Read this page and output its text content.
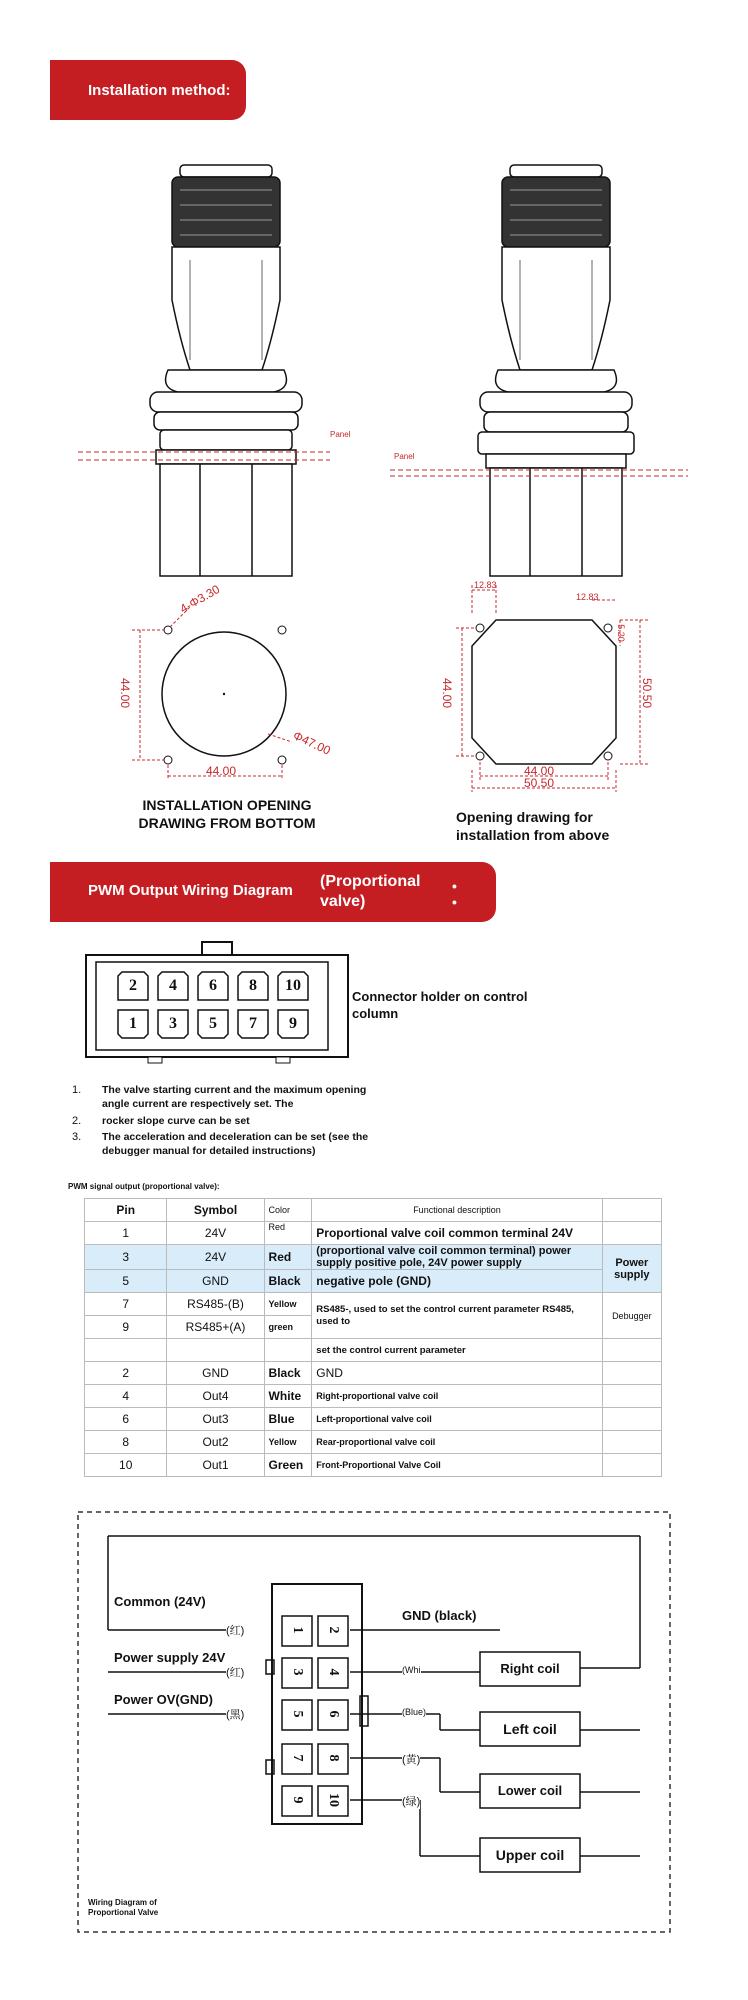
Installation method:
Panel
Panel
4-Φ3.30
44.00
44.00
Φ47.00
12.83
12.83
5.20
44.00	50.50
44.00
50.50
INSTALLATION OPENING DRAWING FROM BOTTOM	Opening drawing for
installation from above
PWM Output Wiring Diagram
(Proportional valve)
•
•
2	4	6	8	10
1	3	5	7	9
Connector holder on control column
1. The valve starting current and the maximum opening angle current are respectively set. The
2. rocker slope curve can be set
3. The acceleration and deceleration can be set (see the debugger manual for detailed instructions)
PWM signal output (proportional valve):
Pin	Symbol	Color	Functional description	
1	24V	Red	Proportional valve coil common terminal 24V	
3	24V	Red	(proportional valve coil common terminal) power supply positive pole, 24V power supply	Power supply
5	GND	Black	negative pole (GND)	
7	RS485-(B)	Yellow	RS485-, used to set the control current parameter RS485, used to	Debugger
9	RS485+(A)	green		
			set the control current parameter	
2	GND	Black	GND	
4	Out4	White	Right-proportional valve coil	
6	Out3	Blue	Left-proportional valve coil	
8	Out2	Yellow	Rear-proportional valve coil	
10	Out1	Green	Front-Proportional Valve Coil	
1
3
5
7
9
2
4
6
8
10
Common (24V)
Power supply 24V
Power OV(GND)
GND (black)
(红)
(红)
(黑)
(Whi
(Blue)
(黄)
(绿)
Right coil
Left coil
Lower coil
Upper coil
Wiring Diagram of Proportional Valve
